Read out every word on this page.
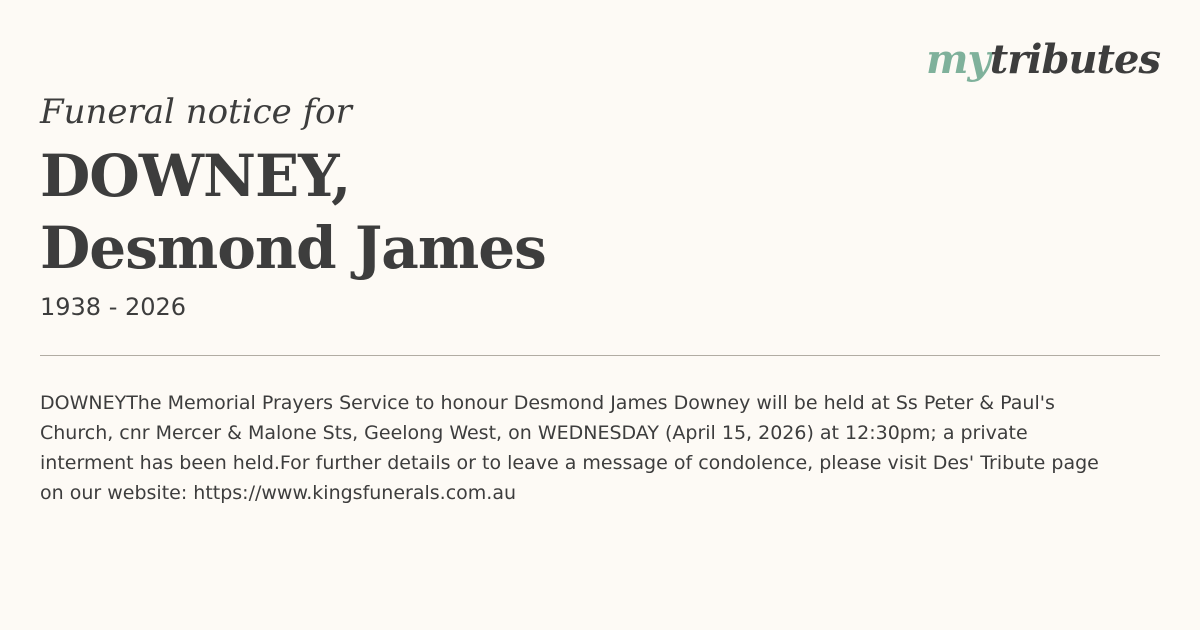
mytributes
Funeral notice for
DOWNEY,
Desmond James
1938 - 2026
DOWNEYThe Memorial Prayers Service to honour Desmond James Downey will be held at Ss Peter & Paul's Church, cnr Mercer & Malone Sts, Geelong West, on WEDNESDAY (April 15, 2026) at 12:30pm; a private interment has been held.For further details or to leave a message of condolence, please visit Des' Tribute page on our website: https://www.kingsfunerals.com.au
